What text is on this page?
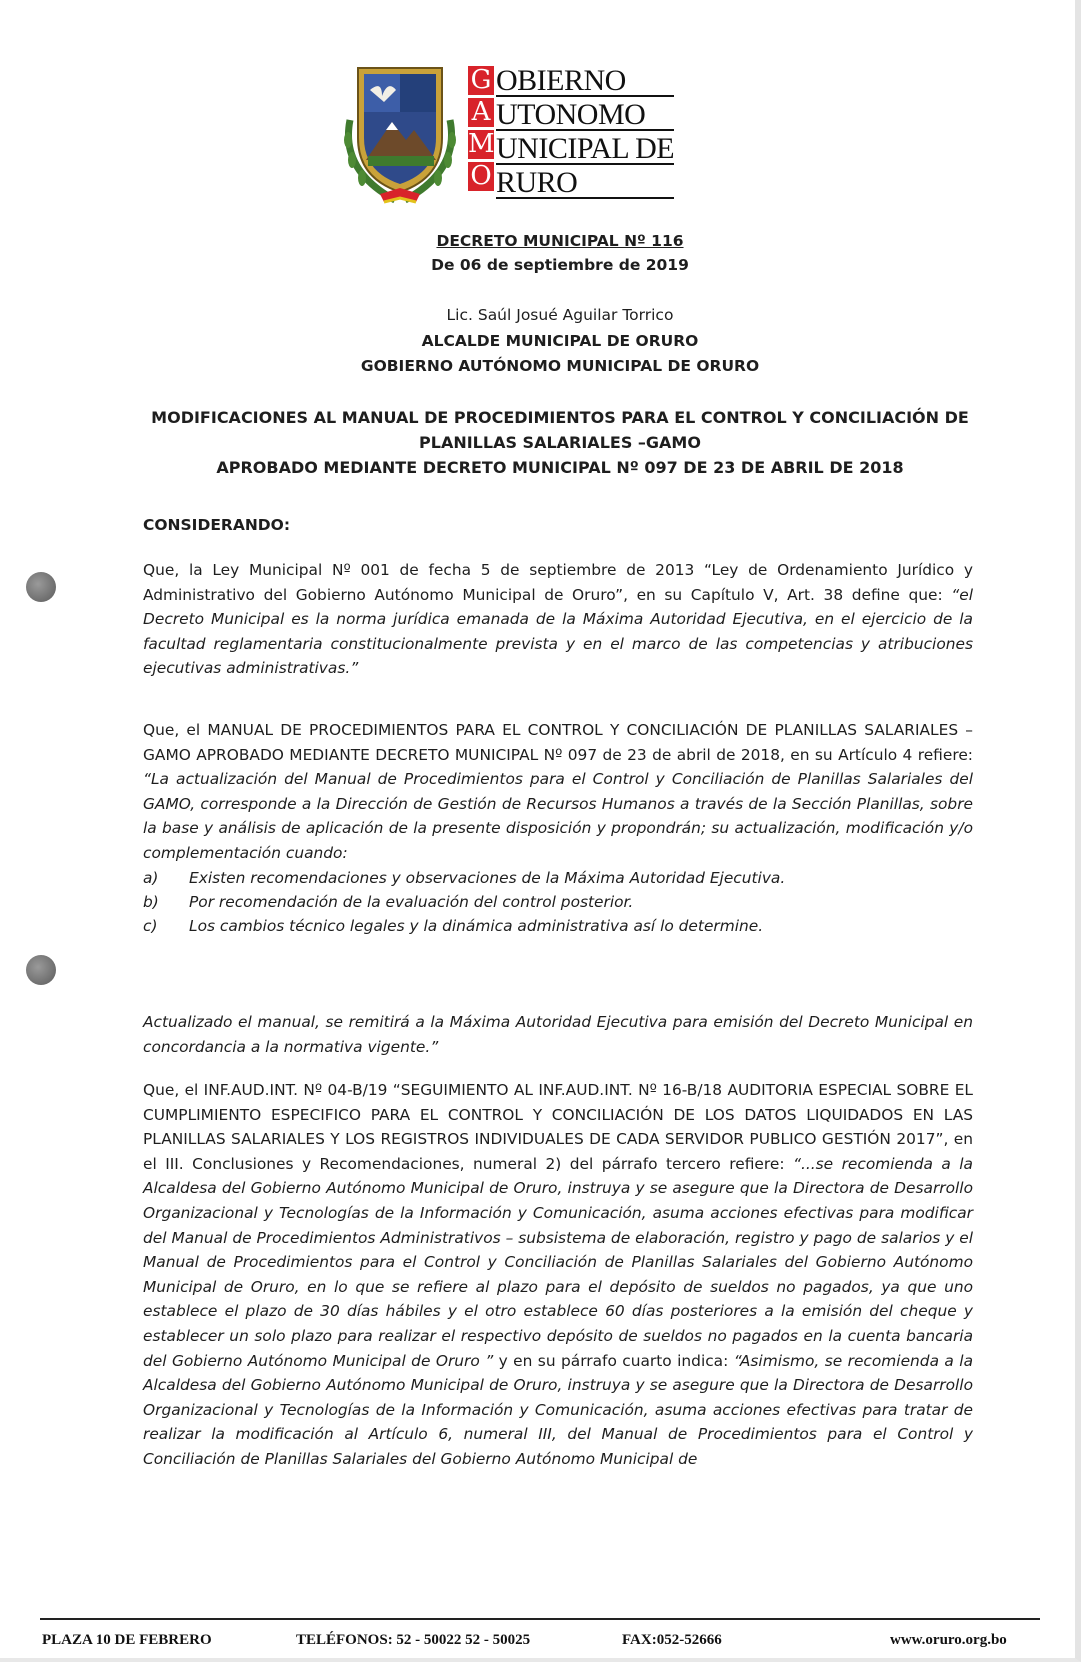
G
A
M
O
OBIERNO
UTONOMO
UNICIPAL DE
RURO
DECRETO MUNICIPAL Nº 116
De 06 de septiembre de 2019
Lic. Saúl Josué Aguilar Torrico
ALCALDE MUNICIPAL DE ORURO
GOBIERNO AUTÓNOMO MUNICIPAL DE ORURO
MODIFICACIONES AL MANUAL DE PROCEDIMIENTOS PARA EL CONTROL Y CONCILIACIÓN DE
PLANILLAS SALARIALES –GAMO
APROBADO MEDIANTE DECRETO MUNICIPAL Nº 097 DE 23 DE ABRIL DE 2018
CONSIDERANDO:
Que, la Ley Municipal Nº 001 de fecha 5 de septiembre de 2013 “Ley de Ordenamiento Jurídico y Administrativo del Gobierno Autónomo Municipal de Oruro”, en su Capítulo V, Art. 38 define que: “el Decreto Municipal es la norma jurídica emanada de la Máxima Autoridad Ejecutiva, en el ejercicio de la facultad reglamentaria constitucionalmente prevista y en el marco de las competencias y atribuciones ejecutivas administrativas.”
Que, el MANUAL DE PROCEDIMIENTOS PARA EL CONTROL Y CONCILIACIÓN DE PLANILLAS SALARIALES –GAMO APROBADO MEDIANTE DECRETO MUNICIPAL Nº 097 de 23 de abril de 2018, en su Artículo 4 refiere: “La actualización del Manual de Procedimientos para el Control y Conciliación de Planillas Salariales del GAMO, corresponde a la Dirección de Gestión de Recursos Humanos a través de la Sección Planillas, sobre la base y análisis de aplicación de la presente disposición y propondrán; su actualización, modificación y/o complementación cuando:
a)	Existen recomendaciones y observaciones de la Máxima Autoridad Ejecutiva.
b)	Por recomendación de la evaluación del control posterior.
c)	Los cambios técnico legales y la dinámica administrativa así lo determine.
Actualizado el manual, se remitirá a la Máxima Autoridad Ejecutiva para emisión del Decreto Municipal en concordancia a la normativa vigente.”
Que, el INF.AUD.INT. Nº 04-B/19 “SEGUIMIENTO AL INF.AUD.INT. Nº 16-B/18 AUDITORIA ESPECIAL SOBRE EL CUMPLIMIENTO ESPECIFICO PARA EL CONTROL Y CONCILIACIÓN DE LOS DATOS LIQUIDADOS EN LAS PLANILLAS SALARIALES Y LOS REGISTROS INDIVIDUALES DE CADA SERVIDOR PUBLICO GESTIÓN 2017”, en el III. Conclusiones y Recomendaciones, numeral 2) del párrafo tercero refiere: “...se recomienda a la Alcaldesa del Gobierno Autónomo Municipal de Oruro, instruya y se asegure que la Directora de Desarrollo Organizacional y Tecnologías de la Información y Comunicación, asuma acciones efectivas para modificar del Manual de Procedimientos Administrativos – subsistema de elaboración, registro y pago de salarios y el Manual de Procedimientos para el Control y Conciliación de Planillas Salariales del Gobierno Autónomo Municipal de Oruro, en lo que se refiere al plazo para el depósito de sueldos no pagados, ya que uno establece el plazo de 30 días hábiles y el otro establece 60 días posteriores a la emisión del cheque y establecer un solo plazo para realizar el respectivo depósito de sueldos no pagados en la cuenta bancaria del Gobierno Autónomo Municipal de Oruro ” y en su párrafo cuarto indica: “Asimismo, se recomienda a la Alcaldesa del Gobierno Autónomo Municipal de Oruro, instruya y se asegure que la Directora de Desarrollo Organizacional y Tecnologías de la Información y Comunicación, asuma acciones efectivas para tratar de realizar la modificación al Artículo 6, numeral III, del Manual de Procedimientos para el Control y Conciliación de Planillas Salariales del Gobierno Autónomo Municipal de
PLAZA 10 DE FEBRERO	TELÉFONOS: 52 - 50022 52 - 50025	FAX:052-52666	www.oruro.org.bo
